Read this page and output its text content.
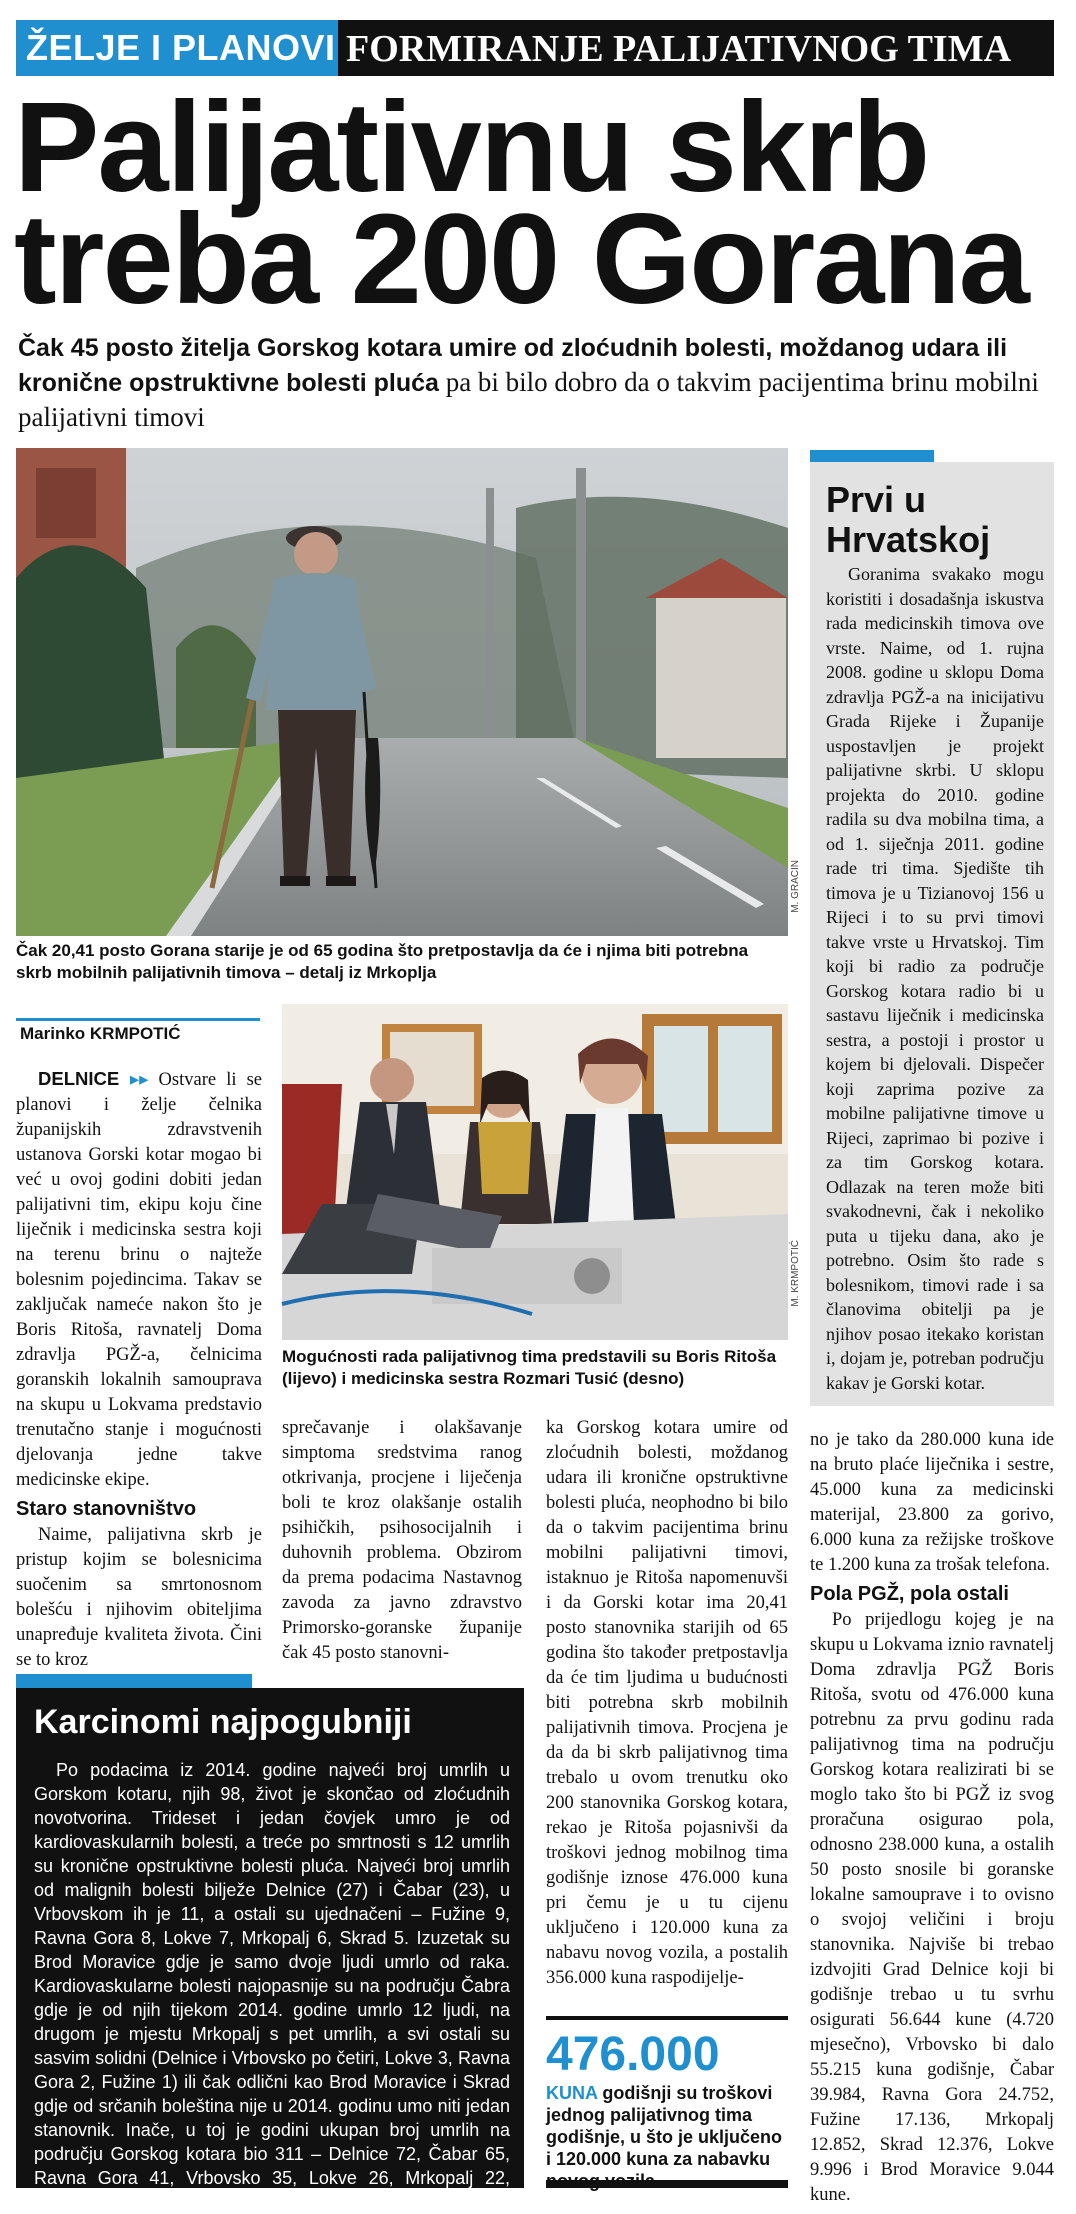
ŽELJE I PLANOVI FORMIRANJE PALIJATIVNOG TIMA
Palijativnu skrb
treba 200 Gorana
Čak 45 posto žitelja Gorskog kotara umire od zloćudnih bolesti, moždanog udara ili kronične opstruktivne bolesti pluća pa bi bilo dobro da o takvim pacijentima brinu mobilni palijativni timovi
M. GRACIN
Čak 20,41 posto Gorana starije je od 65 godina što pretpostavlja da će i njima biti potrebna skrb mobilnih palijativnih timova – detalj iz Mrkoplja
Prvi u Hrvatskoj

Goranima svakako mogu koristiti i dosadašnja iskustva rada medicinskih timova ove vrste. Naime, od 1. rujna 2008. godine u sklopu Doma zdravlja PGŽ-a na inicijativu Grada Rijeke i Županije uspostavljen je projekt palijativne skrbi. U sklopu projekta do 2010. godine radila su dva mobilna tima, a od 1. siječnja 2011. godine rade tri tima. Sjedište tih timova je u Tizianovoj 156 u Rijeci i to su prvi timovi takve vrste u Hrvatskoj. Tim koji bi radio za područje Gorskog kotara radio bi u sastavu liječnik i medicinska sestra, a postoji i prostor u kojem bi djelovali. Dispečer koji zaprima pozive za mobilne palijativne timove u Rijeci, zaprimao bi pozive i za tim Gorskog kotara. Odlazak na teren može biti svakodnevni, čak i nekoliko puta u tijeku dana, ako je potrebno. Osim što rade s bolesnikom, timovi rade i sa članovima obitelji pa je njihov posao itekako koristan i, dojam je, potreban području kakav je Gorski kotar.

Marinko KRMPOTIĆ
M. KRMPOTIĆ
Mogućnosti rada palijativnog tima predstavili su Boris Ritoša (lijevo) i medicinska sestra Rozmari Tusić (desno)

DELNICE ▸▸ Ostvare li se planovi i želje čelnika županijskih zdravstvenih ustanova Gorski kotar mogao bi već u ovoj godini dobiti jedan palijativni tim, ekipu koju čine liječnik i medicinska sestra koji na terenu brinu o najteže bolesnim pojedincima. Takav se zaključak nameće nakon što je Boris Ritoša, ravnatelj Doma zdravlja PGŽ-a, čelnicima goranskih lokalnih samouprava na skupu u Lokvama predstavio trenutačno stanje i mogućnosti djelovanja jedne takve medicinske ekipe.

Staro stanovništvo

Naime, palijativna skrb je pristup kojim se bolesnicima suočenim sa smrtonosnom bolešću i njihovim obiteljima unapređuje kvaliteta života. Čini se to kroz

sprečavanje i olakšavanje simptoma sredstvima ranog otkrivanja, procjene i liječenja boli te kroz olakšanje ostalih psihičkih, psihosocijalnih i duhovnih problema. Obzirom da prema podacima Nastavnog zavoda za javno zdravstvo Primorsko-goranske županije čak 45 posto stanovni-

ka Gorskog kotara umire od zloćudnih bolesti, moždanog udara ili kronične opstruktivne bolesti pluća, neophodno bi bilo da o takvim pacijentima brinu mobilni palijativni timovi, istaknuo je Ritoša napomenuvši i da Gorski kotar ima 20,41 posto stanovnika starijih od 65 godina što također pretpostavlja da će tim ljudima u budućnosti biti potrebna skrb mobilnih palijativnih timova. Procjena je da da bi skrb palijativnog tima trebalo u ovom trenutku oko 200 stanovnika Gorskog kotara, rekao je Ritoša pojasnivši da troškovi jednog mobilnog tima godišnje iznose 476.000 kuna pri čemu je u tu cijenu uključeno i 120.000 kuna za nabavu novog vozila, a postalih 356.000 kuna raspodijelje-

no je tako da 280.000 kuna ide na bruto plaće liječnika i sestre, 45.000 kuna za medicinski materijal, 23.800 za gorivo, 6.000 kuna za režijske troškove te 1.200 kuna za trošak telefona.

Pola PGŽ, pola ostali

Po prijedlogu kojeg je na skupu u Lokvama iznio ravnatelj Doma zdravlja PGŽ Boris Ritoša, svotu od 476.000 kuna potrebnu za prvu godinu rada palijativnog tima na području Gorskog kotara realizirati bi se moglo tako što bi PGŽ iz svog proračuna osigurao pola, odnosno 238.000 kuna, a ostalih 50 posto snosile bi goranske lokalne samouprave i to ovisno o svojoj veličini i broju stanovnika. Najviše bi trebao izdvojiti Grad Delnice koji bi godišnje trebao u tu svrhu osigurati 56.644 kune (4.720 mjesečno), Vrbovsko bi dalo 55.215 kuna godišnje, Čabar 39.984, Ravna Gora 24.752, Fužine 17.136, Mrkopalj 12.852, Skrad 12.376, Lokve 9.996 i Brod Moravice 9.044 kune.

Karcinomi najpogubniji

Po podacima iz 2014. godine najveći broj umrlih u Gorskom kotaru, njih 98, život je skončao od zloćudnih novotvorina. Trideset i jedan čovjek umro je od kardiovaskularnih bolesti, a treće po smrtnosti s 12 umrlih su kronične opstruktivne bolesti pluća. Najveći broj umrlih od malignih bolesti bilježe Delnice (27) i Čabar (23), u Vrbovskom ih je 11, a ostali su ujednačeni – Fužine 9, Ravna Gora 8, Lokve 7, Mrkopalj 6, Skrad 5. Izuzetak su Brod Moravice gdje je samo dvoje ljudi umrlo od raka. Kardiovaskularne bolesti najopasnije su na području Čabra gdje je od njih tijekom 2014. godine umrlo 12 ljudi, na drugom je mjestu Mrkopalj s pet umrlih, a svi ostali su sasvim solidni (Delnice i Vrbovsko po četiri, Lokve 3, Ravna Gora 2, Fužine 1) ili čak odlični kao Brod Moravice i Skrad gdje od srčanih boleština nije u 2014. godinu umo niti jedan stanovnik. Inače, u toj je godini ukupan broj umrlih na području Gorskog kotara bio 311 – Delnice 72, Čabar 65, Ravna Gora 41, Vrbovsko 35, Lokve 26, Mrkopalj 22, Fužine 21, Skrad 17, Brod Moravice 12.

476.000
KUNA godišnji su troškovi jednog palijativnog tima godišnje, u što je uključeno i 120.000 kuna za nabavku
